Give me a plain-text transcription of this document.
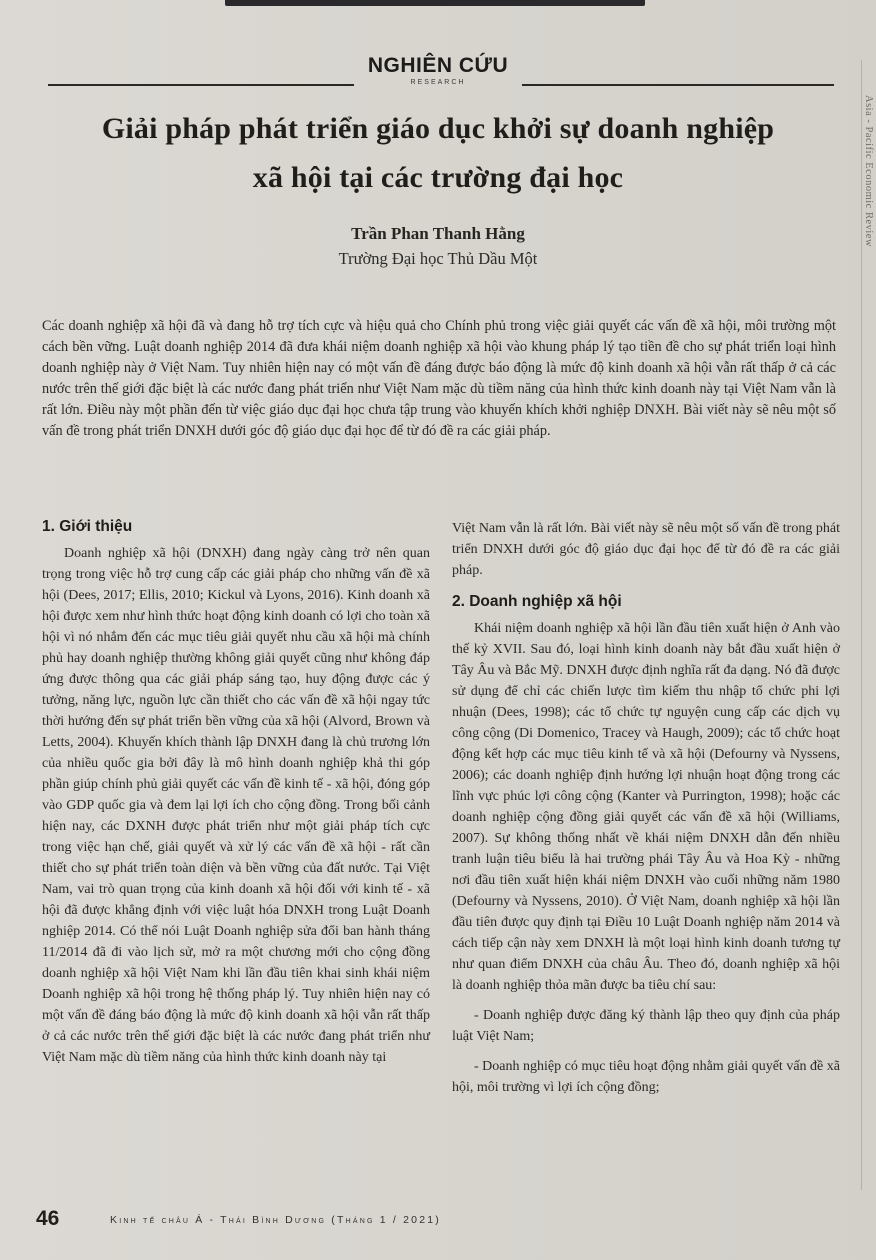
NGHIÊN CỨU
RESEARCH
Asia - Pacific Economic Review
Giải pháp phát triển giáo dục khởi sự doanh nghiệp
xã hội tại các trường đại học
Trần Phan Thanh Hằng
Trường Đại học Thủ Dầu Một
Các doanh nghiệp xã hội đã và đang hỗ trợ tích cực và hiệu quả cho Chính phủ trong việc giải quyết các vấn đề xã hội, môi trường một cách bền vững. Luật doanh nghiệp 2014 đã đưa khái niệm doanh nghiệp xã hội vào khung pháp lý tạo tiền đề cho sự phát triển loại hình doanh nghiệp này ở Việt Nam. Tuy nhiên hiện nay có một vấn đề đáng được báo động là mức độ kinh doanh xã hội vẫn rất thấp ở cả các nước trên thế giới đặc biệt là các nước đang phát triển như Việt Nam mặc dù tiềm năng của hình thức kinh doanh này tại Việt Nam vẫn là rất lớn. Điều này một phần đến từ việc giáo dục đại học chưa tập trung vào khuyến khích khởi nghiệp DNXH. Bài viết này sẽ nêu một số vấn đề trong phát triển DNXH dưới góc độ giáo dục đại học để từ đó đề ra các giải pháp.
1. Giới thiệu

Doanh nghiệp xã hội (DNXH) đang ngày càng trở nên quan trọng trong việc hỗ trợ cung cấp các giải pháp cho những vấn đề xã hội (Dees, 2017; Ellis, 2010; Kickul và Lyons, 2016). Kinh doanh xã hội được xem như hình thức hoạt động kinh doanh có lợi cho toàn xã hội vì nó nhắm đến các mục tiêu giải quyết nhu cầu xã hội mà chính phủ hay doanh nghiệp thường không giải quyết cũng như không đáp ứng được thông qua các giải pháp sáng tạo, huy động được các ý tưởng, năng lực, nguồn lực cần thiết cho các vấn đề xã hội ngay tức thời hướng đến sự phát triển bền vững của xã hội (Alvord, Brown và Letts, 2004). Khuyến khích thành lập DNXH đang là chủ trương lớn của nhiều quốc gia bởi đây là mô hình doanh nghiệp khả thi góp phần giúp chính phủ giải quyết các vấn đề kinh tế - xã hội, đóng góp vào GDP quốc gia và đem lại lợi ích cho cộng đồng. Trong bối cảnh hiện nay, các DXNH được phát triển như một giải pháp tích cực trong việc hạn chế, giải quyết và xử lý các vấn đề xã hội - rất cần thiết cho sự phát triển toàn diện và bền vững của đất nước. Tại Việt Nam, vai trò quan trọng của kinh doanh xã hội đối với kinh tế - xã hội đã được khẳng định với việc luật hóa DNXH trong Luật Doanh nghiệp 2014. Có thể nói Luật Doanh nghiệp sửa đổi ban hành tháng 11/2014 đã đi vào lịch sử, mở ra một chương mới cho cộng đồng doanh nghiệp xã hội Việt Nam khi lần đầu tiên khai sinh khái niệm Doanh nghiệp xã hội trong hệ thống pháp lý. Tuy nhiên hiện nay có một vấn đề đáng báo động là mức độ kinh doanh xã hội vẫn rất thấp ở cả các nước trên thế giới đặc biệt là các nước đang phát triển như Việt Nam mặc dù tiềm năng của hình thức kinh doanh này tại

Việt Nam vẫn là rất lớn. Bài viết này sẽ nêu một số vấn đề trong phát triển DNXH dưới góc độ giáo dục đại học để từ đó đề ra các giải pháp.

2. Doanh nghiệp xã hội

Khái niệm doanh nghiệp xã hội lần đầu tiên xuất hiện ở Anh vào thế kỷ XVII. Sau đó, loại hình kinh doanh này bắt đầu xuất hiện ở Tây Âu và Bắc Mỹ. DNXH được định nghĩa rất đa dạng. Nó đã được sử dụng để chỉ các chiến lược tìm kiếm thu nhập tổ chức phi lợi nhuận (Dees, 1998); các tổ chức tự nguyện cung cấp các dịch vụ công cộng (Di Domenico, Tracey và Haugh, 2009); các tổ chức hoạt động kết hợp các mục tiêu kinh tế và xã hội (Defourny và Nyssens, 2006); các doanh nghiệp định hướng lợi nhuận hoạt động trong các lĩnh vực phúc lợi công cộng (Kanter và Purrington, 1998); hoặc các doanh nghiệp cộng đồng giải quyết các vấn đề xã hội (Williams, 2007). Sự không thống nhất về khái niệm DNXH dẫn đến nhiều tranh luận tiêu biểu là hai trường phái Tây Âu và Hoa Kỳ - những nơi đầu tiên xuất hiện khái niệm DNXH vào cuối những năm 1980 (Defourny và Nyssens, 2010). Ở Việt Nam, doanh nghiệp xã hội lần đầu tiên được quy định tại Điều 10 Luật Doanh nghiệp năm 2014 và cách tiếp cận này xem DNXH là một loại hình kinh doanh tương tự như quan điểm DNXH của châu Âu. Theo đó, doanh nghiệp xã hội là doanh nghiệp thỏa mãn được ba tiêu chí sau:

- Doanh nghiệp được đăng ký thành lập theo quy định của pháp luật Việt Nam;

- Doanh nghiệp có mục tiêu hoạt động nhằm giải quyết vấn đề xã hội, môi trường vì lợi ích cộng đồng;

46	Kinh tế châu Á - Thái Bình Dương (Tháng 1 / 2021)
